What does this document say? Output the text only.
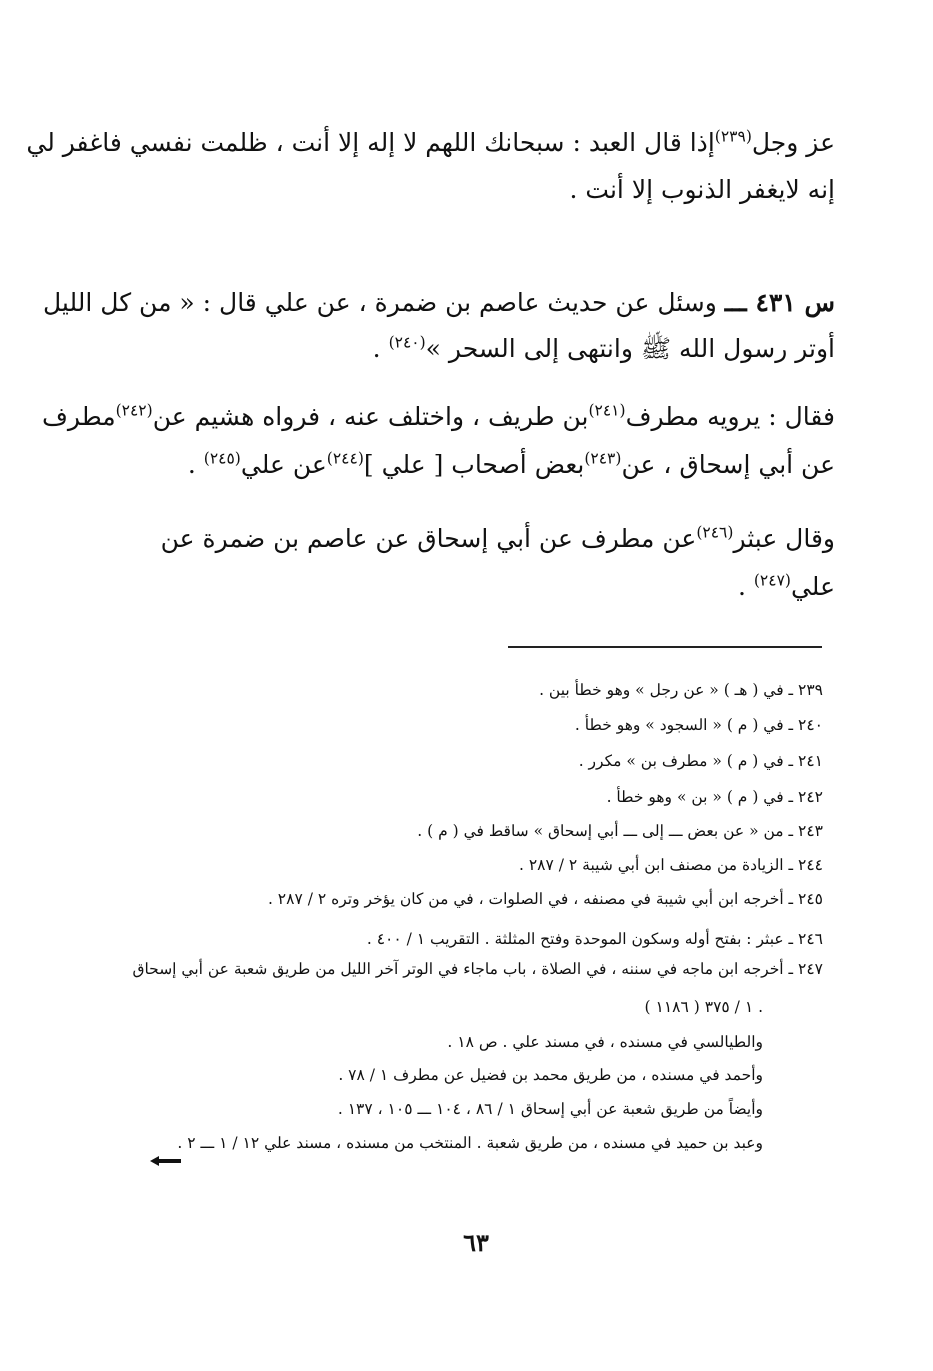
عز وجل$^{(٢٣٩)}$إذا قال العبد : سبحانك اللهم لا إله إلا أنت ، ظلمت نفسي فاغفر لي
إنه لايغفر الذنوب إلا أنت .
س ٤٣١ ـــ وسئل عن حديث عاصم بن ضمرة ، عن علي قال : « من كل الليل
أوتر رسول الله ﷺ وانتهى إلى السحر »$^{(٢٤٠)}$ .
فقال : يرويه مطرف$^{(٢٤١)}$بن طريف ، واختلف عنه ، فرواه هشيم عن$^{(٢٤٢)}$مطرف
عن أبي إسحاق ، عن$^{(٢٤٣)}$بعض أصحاب [ علي ]$^{(٢٤٤)}$عن علي$^{(٢٤٥)}$ .
وقال عبثر$^{(٢٤٦)}$عن مطرف عن أبي إسحاق عن عاصم بن ضمرة عن
علي$^{(٢٤٧)}$ .
٢٣٩ ـ في ( هـ ) « عن رجل » وهو خطأ بين .
٢٤٠ ـ في ( م ) « السجود » وهو خطأ .
٢٤١ ـ في ( م ) « مطرف بن » مكرر .
٢٤٢ ـ في ( م ) « بن » وهو خطأ .
٢٤٣ ـ من « عن بعض ـــ إلى ـــ أبي إسحاق » ساقط في ( م ) .
٢٤٤ ـ الزيادة من مصنف ابن أبي شيبة ٢ / ٢٨٧ .
٢٤٥ ـ أخرجه ابن أبي شيبة في مصنفه ، في الصلوات ، في من كان يؤخر وتره ٢ / ٢٨٧ .
٢٤٦ ـ عبثر : بفتح أوله وسكون الموحدة وفتح المثلثة . التقريب ١ / ٤٠٠ .
٢٤٧ ـ أخرجه ابن ماجه في سننه ، في الصلاة ، باب ماجاء في الوتر آخر الليل من طريق شعبة عن أبي إسحاق
١ / ٣٧٥ ( ١١٨٦ ) .
والطيالسي في مسنده ، في مسند علي . ص ١٨ .
وأحمد في مسنده ، من طريق محمد بن فضيل عن مطرف ١ / ٧٨ .
وأيضاً من طريق شعبة عن أبي إسحاق ١ / ٨٦ ، ١٠٤ ـــ ١٠٥ ، ١٣٧ .
وعبد بن حميد في مسنده ، من طريق شعبة . المنتخب من مسنده ، مسند علي ١٢ / ١ ـــ ٢ .
٦٣
